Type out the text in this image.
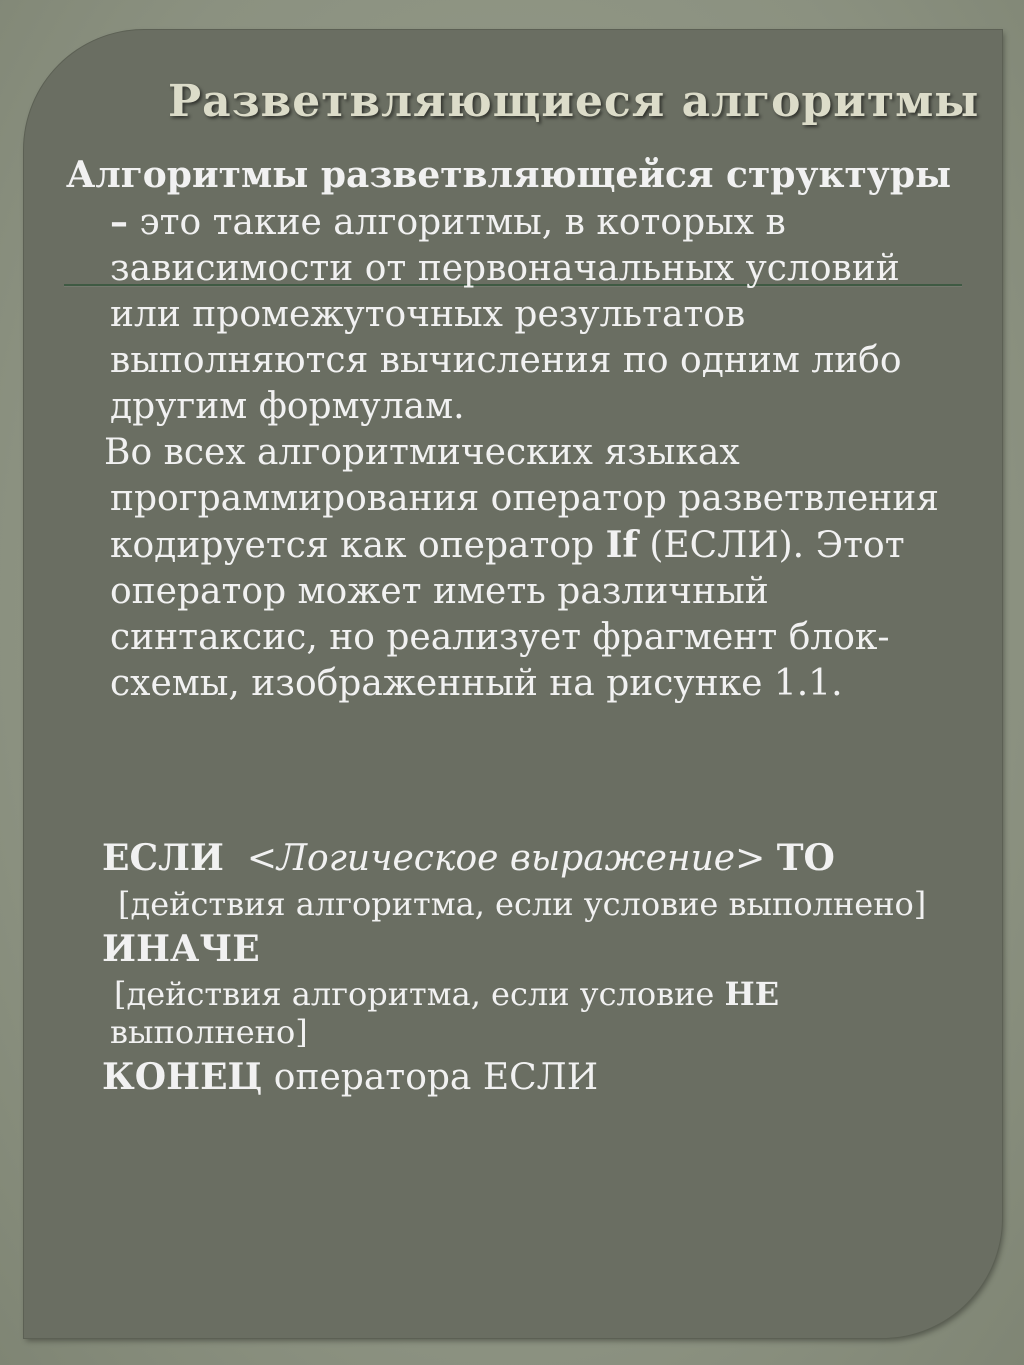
Разветвляющиеся алгоритмы

Алгоритмы разветвляющейся структуры – это такие алгоритмы, в которых в зависимости от первоначальных условий или промежуточных результатов выполняются вычисления по одним либо другим формулам.

Во всех алгоритмических языках программирования оператор разветвления кодируется как оператор If (ЕСЛИ). Этот оператор может иметь различный синтаксис, но реализует фрагмент блок-схемы, изображенный на рисунке 1.1.

ЕСЛИ <Логическое выражение> ТО

[действия алгоритма, если условие выполнено]

ИНАЧЕ

[действия алгоритма, если условие НЕ выполнено]

КОНЕЦ оператора ЕСЛИ
